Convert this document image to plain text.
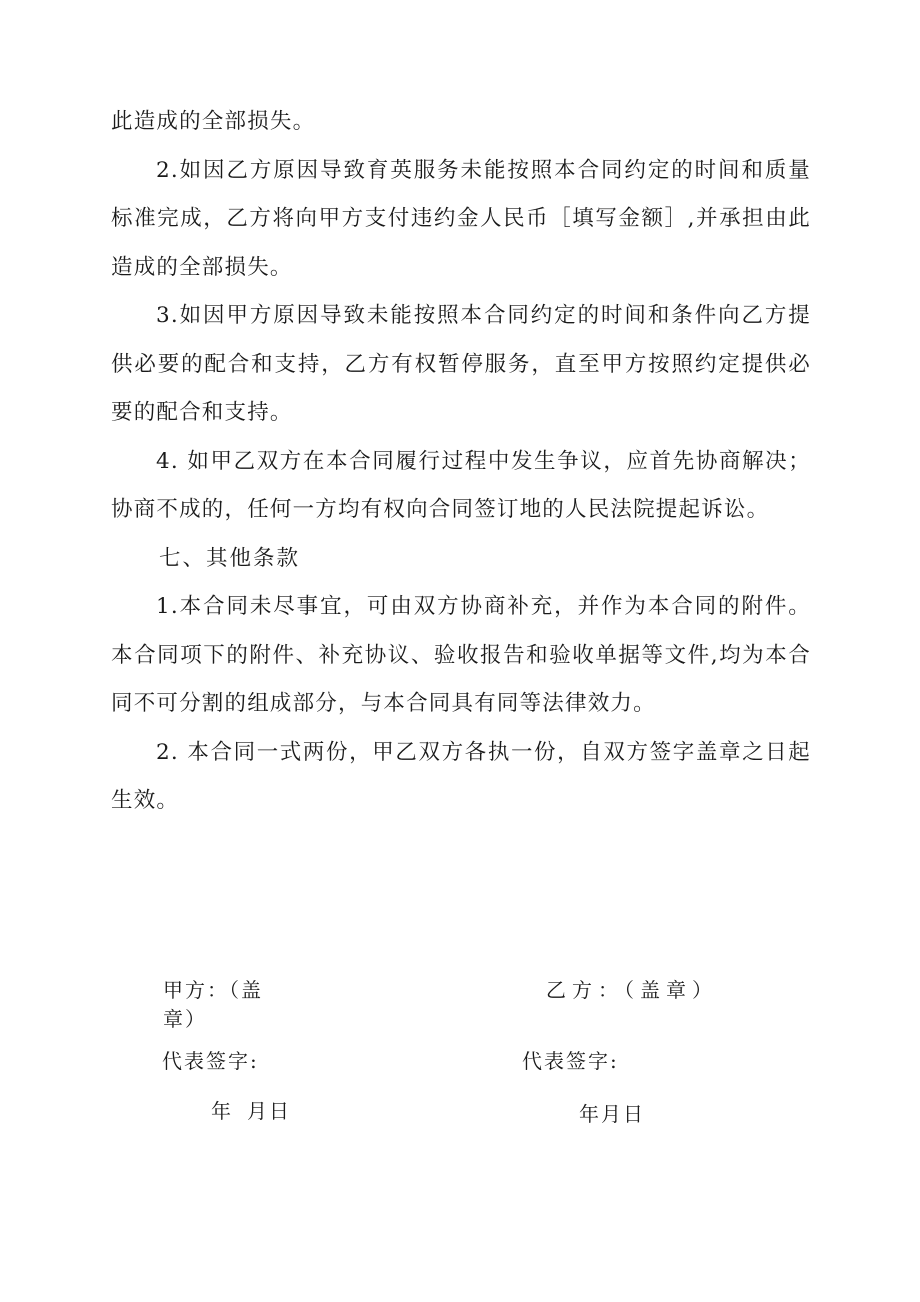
此造成的全部损失。

2.如因乙方原因导致育英服务未能按照本合同约定的时间和质量标准完成，乙方将向甲方支付违约金人民币［填写金额］,并承担由此造成的全部损失。

3.如因甲方原因导致未能按照本合同约定的时间和条件向乙方提供必要的配合和支持，乙方有权暂停服务，直至甲方按照约定提供必要的配合和支持。

4. 如甲乙双方在本合同履行过程中发生争议，应首先协商解决；协商不成的，任何一方均有权向合同签订地的人民法院提起诉讼。

七、其他条款

1.本合同未尽事宜，可由双方协商补充，并作为本合同的附件。本合同项下的附件、补充协议、验收报告和验收单据等文件,均为本合同不可分割的组成部分，与本合同具有同等法律效力。

2. 本合同一式两份，甲乙双方各执一份，自双方签字盖章之日起生效。

甲方：（盖
章）
乙方：（盖章）
代表签字:	代表签字:
年 月日	年月日
